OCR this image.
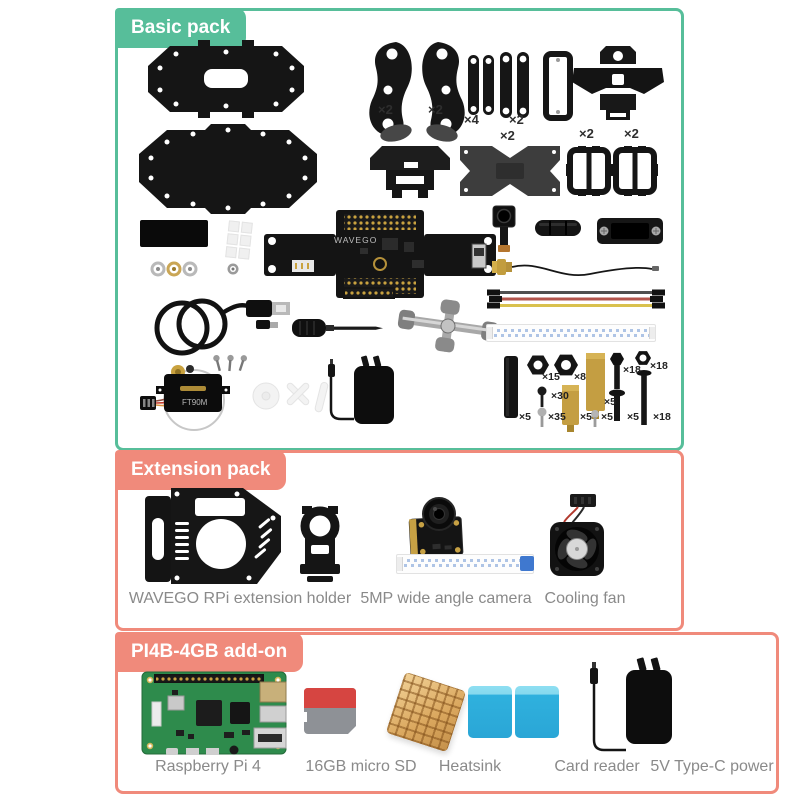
Basic pack
×2	×2
×4 ×2
×2	×2 ×2
WAVEGO
FT90M
×5
×15
×30
×35
×8
×5
×5
×5
×18
×5
×18
×18
Extension pack
WAVEGO RPi extension holder 5MP wide angle camera Cooling fan
PI4B-4GB add-on
Raspberry Pi 4	16GB micro SD Heatsink	Card reader 5V Type-C power
